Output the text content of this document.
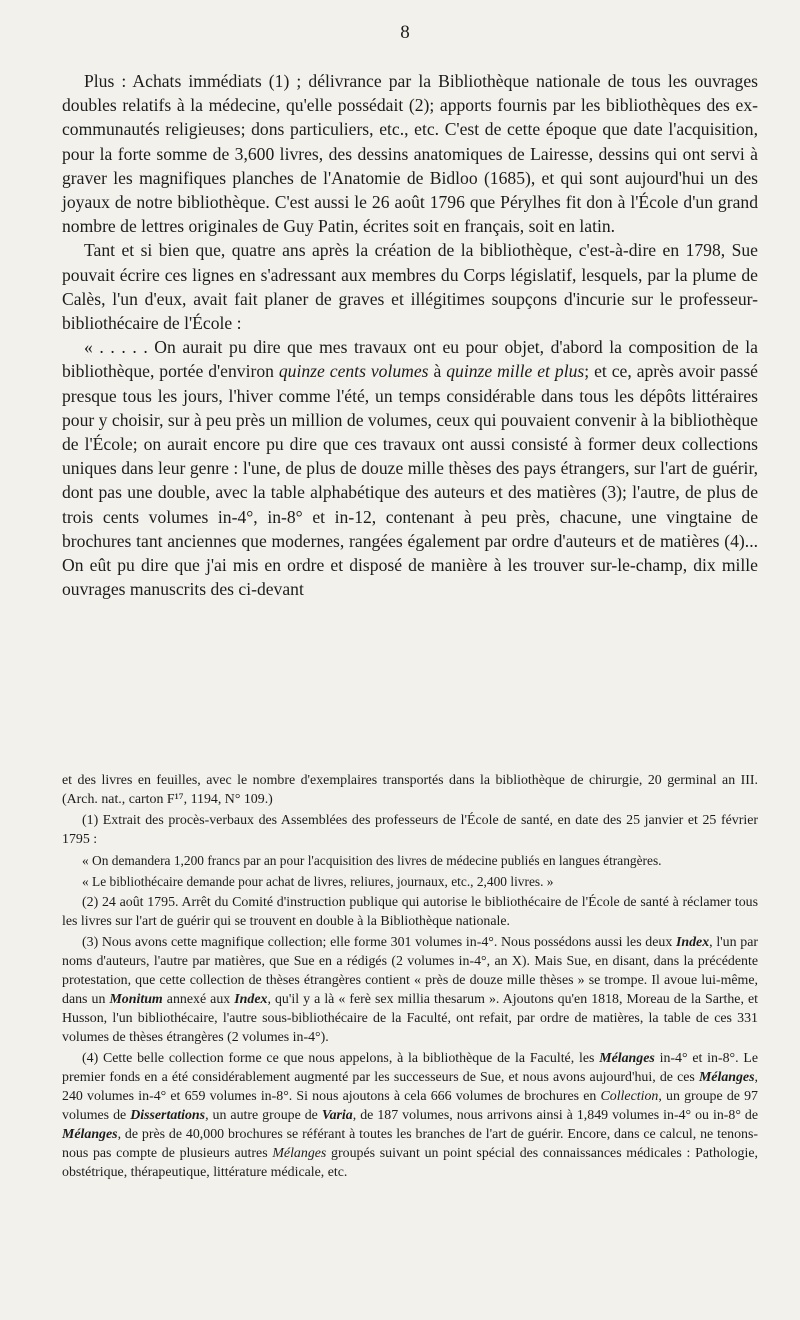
8

Plus : Achats immédiats (1) ; délivrance par la Bibliothèque nationale de tous les ouvrages doubles relatifs à la médecine, qu'elle possédait (2); apports fournis par les bibliothèques des ex-communautés religieuses; dons particuliers, etc., etc. C'est de cette époque que date l'acquisition, pour la forte somme de 3,600 livres, des dessins anatomiques de Lairesse, dessins qui ont servi à graver les magnifiques planches de l'Anatomie de Bidloo (1685), et qui sont aujourd'hui un des joyaux de notre bibliothèque. C'est aussi le 26 août 1796 que Pérylhes fit don à l'École d'un grand nombre de lettres originales de Guy Patin, écrites soit en français, soit en latin.

Tant et si bien que, quatre ans après la création de la bibliothèque, c'est-à-dire en 1798, Sue pouvait écrire ces lignes en s'adressant aux membres du Corps législatif, lesquels, par la plume de Calès, l'un d'eux, avait fait planer de graves et illégitimes soupçons d'incurie sur le professeur-bibliothécaire de l'École :

« . . . . . On aurait pu dire que mes travaux ont eu pour objet, d'abord la composition de la bibliothèque, portée d'environ quinze cents volumes à quinze mille et plus; et ce, après avoir passé presque tous les jours, l'hiver comme l'été, un temps considérable dans tous les dépôts littéraires pour y choisir, sur à peu près un million de volumes, ceux qui pouvaient convenir à la bibliothèque de l'École; on aurait encore pu dire que ces travaux ont aussi consisté à former deux collections uniques dans leur genre : l'une, de plus de douze mille thèses des pays étrangers, sur l'art de guérir, dont pas une double, avec la table alphabétique des auteurs et des matières (3); l'autre, de plus de trois cents volumes in-4°, in-8° et in-12, contenant à peu près, chacune, une vingtaine de brochures tant anciennes que modernes, rangées également par ordre d'auteurs et de matières (4)... On eût pu dire que j'ai mis en ordre et disposé de manière à les trouver sur-le-champ, dix mille ouvrages manuscrits des ci-devant

et des livres en feuilles, avec le nombre d'exemplaires transportés dans la bibliothèque de chirurgie, 20 germinal an III. (Arch. nat., carton F¹⁷, 1194, N° 109.)

(1) Extrait des procès-verbaux des Assemblées des professeurs de l'École de santé, en date des 25 janvier et 25 février 1795 :

« On demandera 1,200 francs par an pour l'acquisition des livres de médecine publiés en langues étrangères.

« Le bibliothécaire demande pour achat de livres, reliures, journaux, etc., 2,400 livres. »

(2) 24 août 1795. Arrêt du Comité d'instruction publique qui autorise le bibliothécaire de l'École de santé à réclamer tous les livres sur l'art de guérir qui se trouvent en double à la Bibliothèque nationale.

(3) Nous avons cette magnifique collection; elle forme 301 volumes in-4°. Nous possédons aussi les deux Index, l'un par noms d'auteurs, l'autre par matières, que Sue en a rédigés (2 volumes in-4°, an X). Mais Sue, en disant, dans la précédente protestation, que cette collection de thèses étrangères contient « près de douze mille thèses » se trompe. Il avoue lui-même, dans un Monitum annexé aux Index, qu'il y a là « ferè sex millia thesarum ». Ajoutons qu'en 1818, Moreau de la Sarthe, et Husson, l'un bibliothécaire, l'autre sous-bibliothécaire de la Faculté, ont refait, par ordre de matières, la table de ces 331 volumes de thèses étrangères (2 volumes in-4°).

(4) Cette belle collection forme ce que nous appelons, à la bibliothèque de la Faculté, les Mélanges in-4° et in-8°. Le premier fonds en a été considérablement augmenté par les successeurs de Sue, et nous avons aujourd'hui, de ces Mélanges, 240 volumes in-4° et 659 volumes in-8°. Si nous ajoutons à cela 666 volumes de brochures en Collection, un groupe de 97 volumes de Dissertations, un autre groupe de Varia, de 187 volumes, nous arrivons ainsi à 1,849 volumes in-4° ou in-8° de Mélanges, de près de 40,000 brochures se référant à toutes les branches de l'art de guérir. Encore, dans ce calcul, ne tenons-nous pas compte de plusieurs autres Mélanges groupés suivant un point spécial des connaissances médicales : Pathologie, obstétrique, thérapeutique, littérature médicale, etc.
